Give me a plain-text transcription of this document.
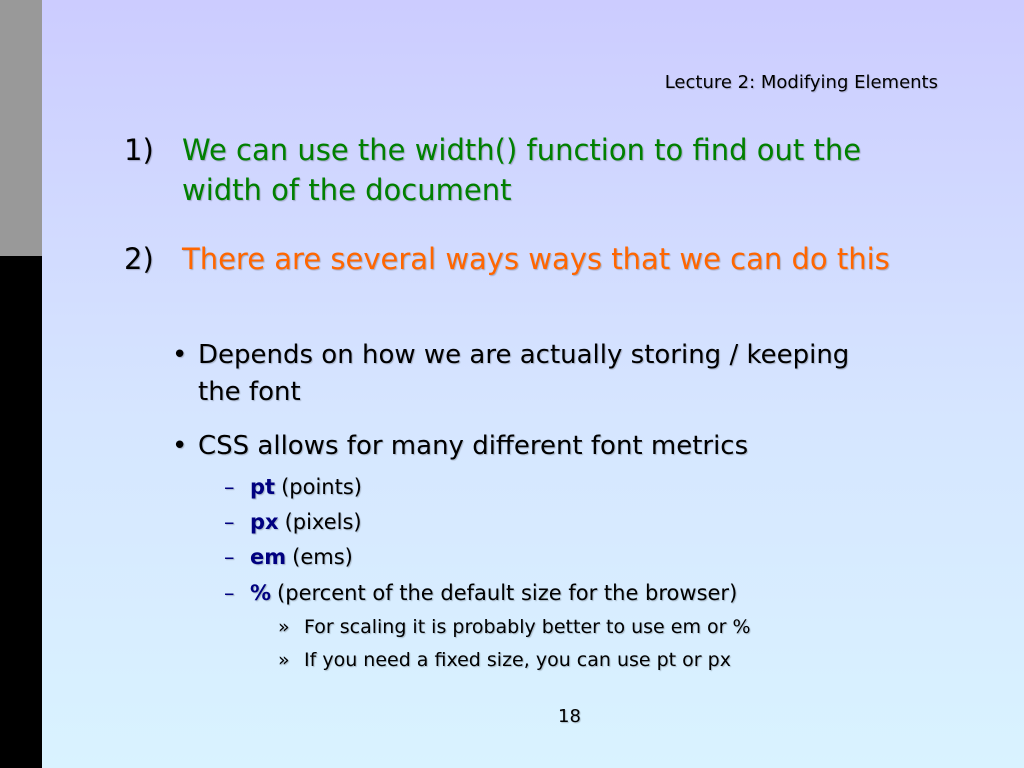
Lecture 2: Modifying Elements
1) We can use the width() function to find out the width of the document
2) There are several ways ways that we can do this
• Depends on how we are actually storing / keeping the font
• CSS allows for many different font metrics
– pt (points)
– px (pixels)
– em (ems)
– % (percent of the default size for the browser)
» For scaling it is probably better to use em or %
» If you need a fixed size, you can use pt or px
18
